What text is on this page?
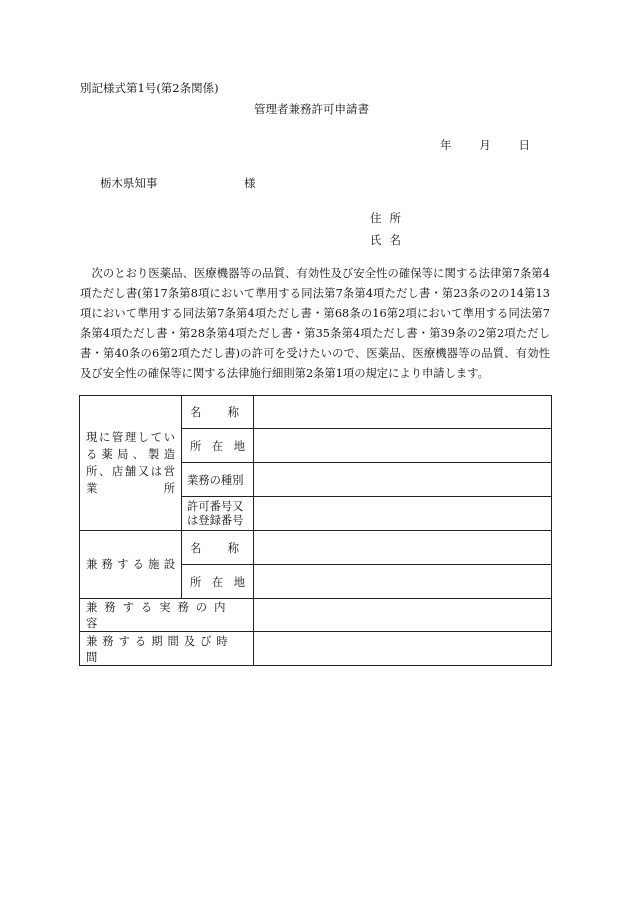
別記様式第1号(第2条関係)
管理者兼務許可申請書
年 月 日
栃木県知事	様
住所
氏名
次のとおり医薬品、医療機器等の品質、有効性及び安全性の確保等に関する法律第7条第4項ただし書(第17条第8項において準用する同法第7条第4項ただし書・第23条の2の14第13項において準用する同法第7条第4項ただし書・第68条の16第2項において準用する同法第7条第4項ただし書・第28条第4項ただし書・第35条第4項ただし書・第39条の2第2項ただし書・第40条の6第2項ただし書)の許可を受けたいので、医薬品、医療機器等の品質、有効性及び安全性の確保等に関する法律施行細則第2条第1項の規定により申請します。
現に管理している薬局、製造所、店舗又は営業所	名 称	

	所 在 地	

	業務の種別	
	許可番号又は登録番号	
兼務する施設	名 称	

	所 在 地	

兼務する実務の内容		
兼務する期間及び時間		
